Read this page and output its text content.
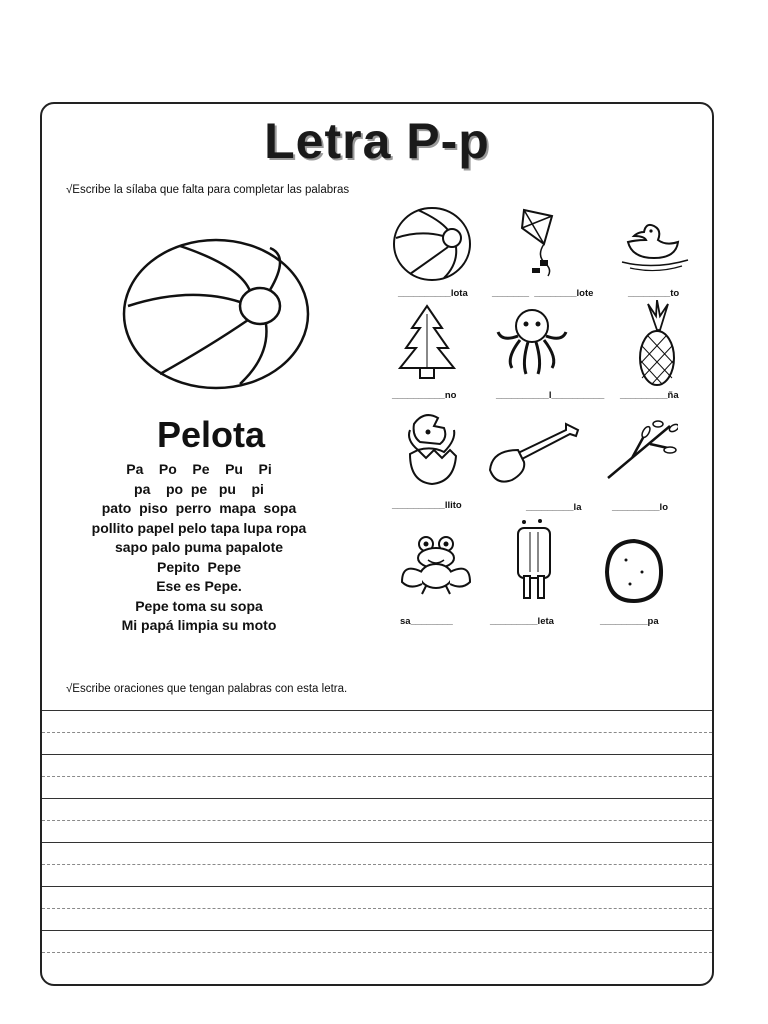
Letra P-p
√Escribe la sílaba que falta para completar las palabras
Pelota
Pa    Po    Pe    Pu    Pi
pa    po  pe   pu    pi
pato  piso  perro  mapa  sopa
pollito papel pelo tapa lupa ropa
sapo palo puma papalote
Pepito  Pepe
Ese es Pepe.
Pepe toma su sopa
Mi papá limpia su moto
__________lota	_______  ________lote	________to
__________no	__________l__________ _________ña
__________llito	_________la	_________lo
sa________	_________leta	_________pa
√Escribe oraciones que tengan palabras con esta letra.
